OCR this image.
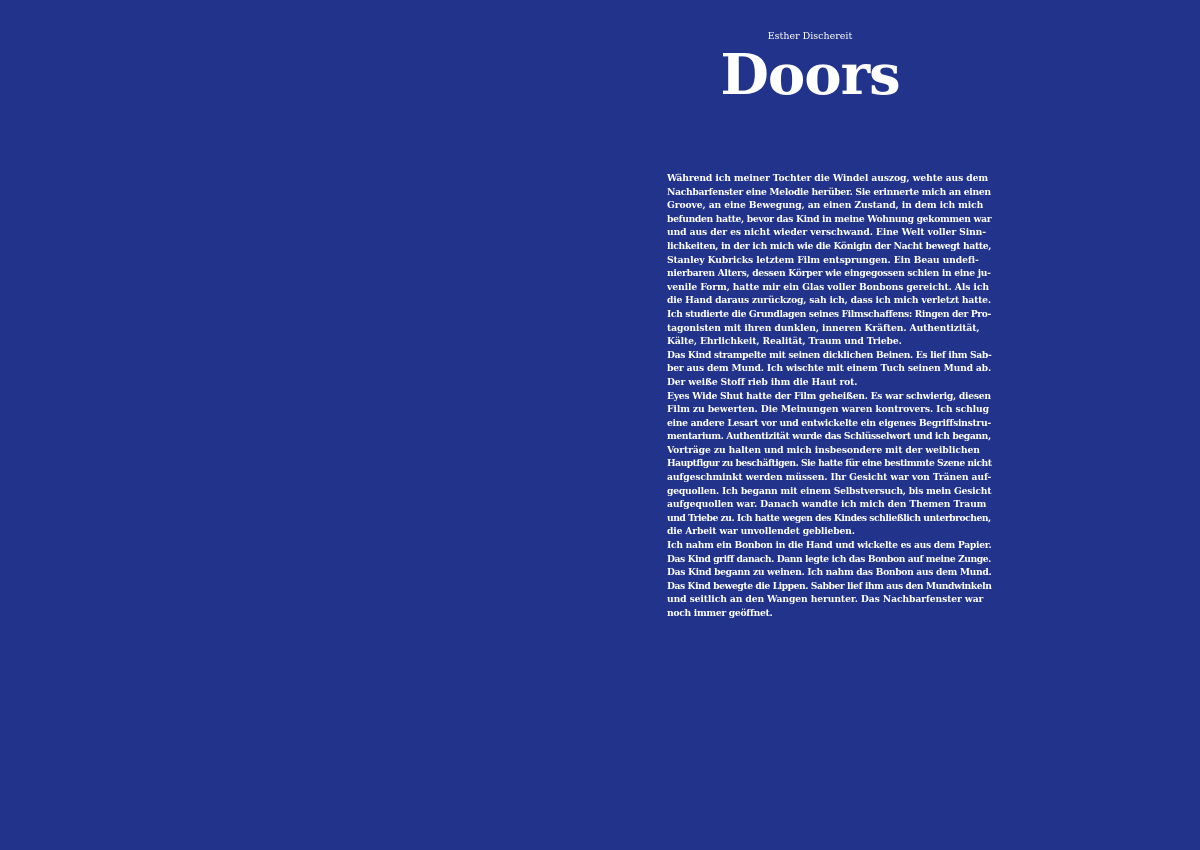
Esther Dischereit
Doors
Während ich meiner Tochter die Windel auszog, wehte aus dem
Nachbarfenster eine Melodie herüber. Sie erinnerte mich an einen
Groove, an eine Bewegung, an einen Zustand, in dem ich mich
befunden hatte, bevor das Kind in meine Wohnung gekommen war
und aus der es nicht wieder verschwand. Eine Welt voller Sinn-
lichkeiten, in der ich mich wie die Königin der Nacht bewegt hatte,
Stanley Kubricks letztem Film entsprungen. Ein Beau undefi-
nierbaren Alters, dessen Körper wie eingegossen schien in eine ju-
venile Form, hatte mir ein Glas voller Bonbons gereicht. Als ich
die Hand daraus zurückzog, sah ich, dass ich mich verletzt hatte.
Ich studierte die Grundlagen seines Filmschaffens: Ringen der Pro-
tagonisten mit ihren dunklen, inneren Kräften. Authentizität,
Kälte, Ehrlichkeit, Realität, Traum und Triebe.
Das Kind strampelte mit seinen dicklichen Beinen. Es lief ihm Sab-
ber aus dem Mund. Ich wischte mit einem Tuch seinen Mund ab.
Der weiße Stoff rieb ihm die Haut rot.
Eyes Wide Shut hatte der Film geheißen. Es war schwierig, diesen
Film zu bewerten. Die Meinungen waren kontrovers. Ich schlug
eine andere Lesart vor und entwickelte ein eigenes Begriffsinstru-
mentarium. Authentizität wurde das Schlüsselwort und ich begann,
Vorträge zu halten und mich insbesondere mit der weiblichen
Hauptfigur zu beschäftigen. Sie hatte für eine bestimmte Szene nicht
aufgeschminkt werden müssen. Ihr Gesicht war von Tränen auf-
gequollen. Ich begann mit einem Selbstversuch, bis mein Gesicht
aufgequollen war. Danach wandte ich mich den Themen Traum
und Triebe zu. Ich hatte wegen des Kindes schließlich unterbrochen,
die Arbeit war unvollendet geblieben.
Ich nahm ein Bonbon in die Hand und wickelte es aus dem Papier.
Das Kind griff danach. Dann legte ich das Bonbon auf meine Zunge.
Das Kind begann zu weinen. Ich nahm das Bonbon aus dem Mund.
Das Kind bewegte die Lippen. Sabber lief ihm aus den Mundwinkeln
und seitlich an den Wangen herunter. Das Nachbarfenster war
noch immer geöffnet.
